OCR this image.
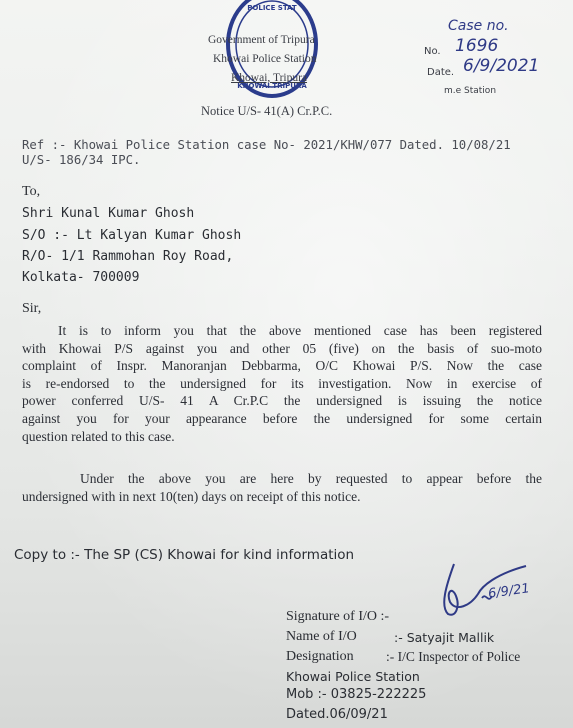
POLICE STAT
KHOWAI TRIPURA
Government of Tripura
Khowai Police Station
Khowai, Tripura
Notice U/S- 41(A) Cr.P.C.
Case no.
No. 1696
Date. 6/9/2021
m.e Station
Ref :- Khowai Police Station case No- 2021/KHW/077 Dated. 10/08/21
U/S- 186/34 IPC.
To,
Shri Kunal Kumar Ghosh
S/O :- Lt Kalyan Kumar Ghosh
R/O- 1/1 Rammohan Roy Road,
Kolkata- 700009
Sir,
It is to inform you that the above mentioned case has been registered
with Khowai P/S against you and other 05 (five) on the basis of suo-moto
complaint of Inspr. Manoranjan Debbarma, O/C Khowai P/S. Now the case
is re-endorsed to the undersigned for its investigation. Now in exercise of
power conferred U/S- 41 A Cr.P.C the undersigned is issuing the notice
against you for your appearance before the undersigned for some certain
question related to this case.
Under the above you are here by requested to appear before the
undersigned with in next 10(ten) days on receipt of this notice.
Copy to :- The SP (CS) Khowai for kind information
6/9/21
Signature of I/O :-
Name of I/O	:- Satyajit Mallik
Designation :- I/C Inspector of Police
Khowai Police Station
Mob :- 03825-222225
Dated.06/09/21
